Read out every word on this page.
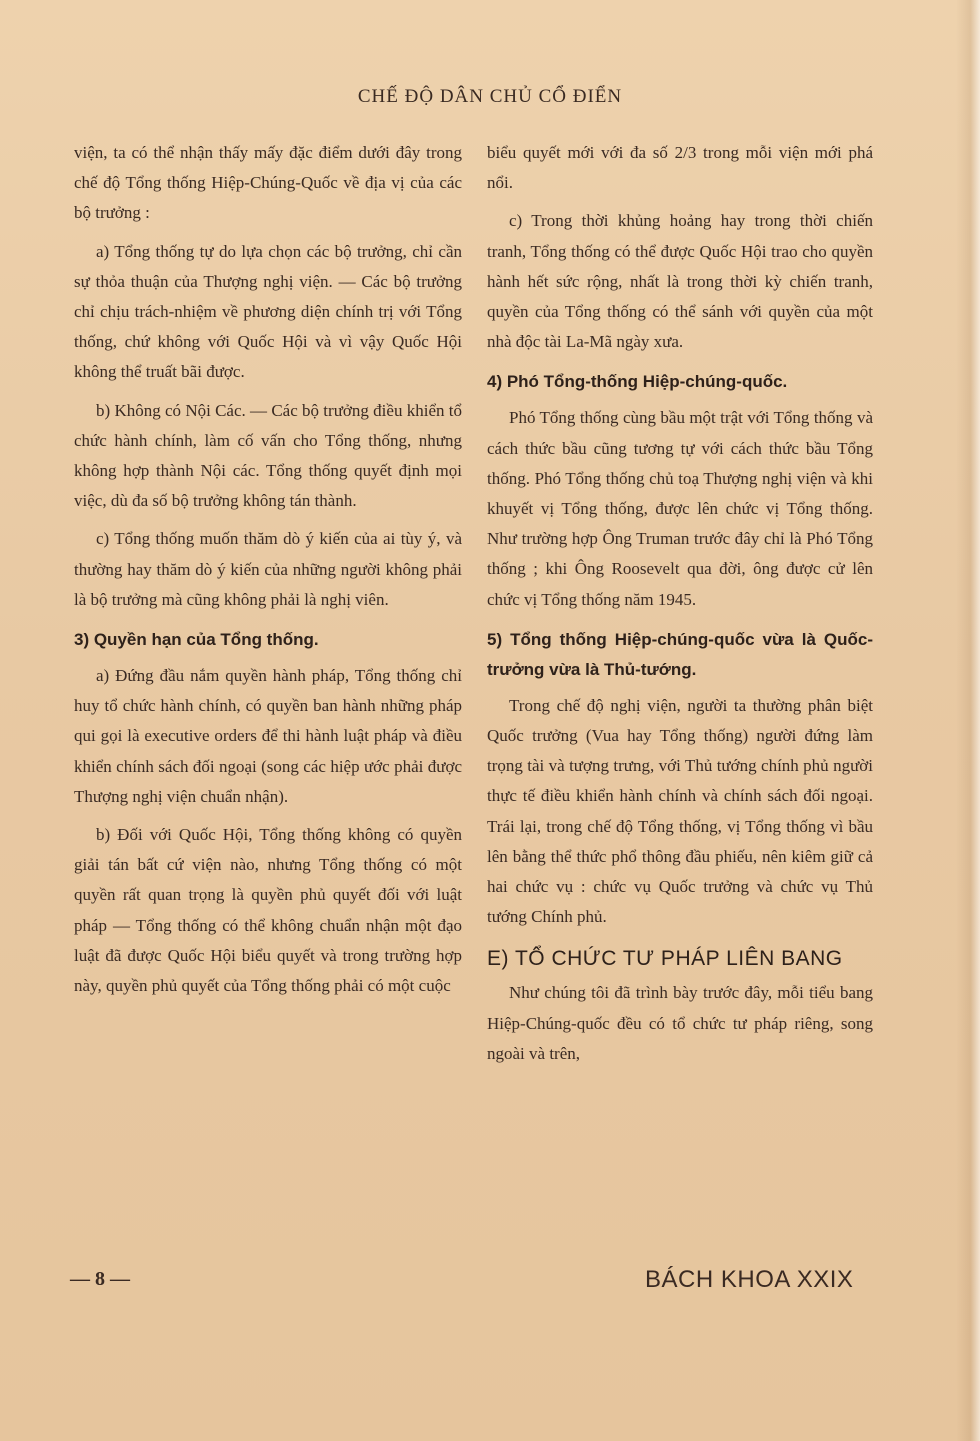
CHẾ ĐỘ DÂN CHỦ CỔ ĐIỂN

viện, ta có thể nhận thấy mấy đặc điểm dưới đây trong chế độ Tổng thống Hiệp-Chúng-Quốc về địa vị của các bộ trưởng :

a) Tổng thống tự do lựa chọn các bộ trưởng, chỉ cần sự thỏa thuận của Thượng nghị viện. — Các bộ trưởng chỉ chịu trách-nhiệm về phương diện chính trị với Tổng thống, chứ không với Quốc Hội và vì vậy Quốc Hội không thể truất bãi được.

b) Không có Nội Các. — Các bộ trưởng điều khiển tổ chức hành chính, làm cố vấn cho Tổng thống, nhưng không hợp thành Nội các. Tổng thống quyết định mọi việc, dù đa số bộ trưởng không tán thành.

c) Tổng thống muốn thăm dò ý kiến của ai tùy ý, và thường hay thăm dò ý kiến của những người không phải là bộ trưởng mà cũng không phải là nghị viên.

3) Quyền hạn của Tổng thống.

a) Đứng đầu nắm quyền hành pháp, Tổng thống chỉ huy tổ chức hành chính, có quyền ban hành những pháp qui gọi là executive orders để thi hành luật pháp và điều khiển chính sách đối ngoại (song các hiệp ước phải được Thượng nghị viện chuẩn nhận).

b) Đối với Quốc Hội, Tổng thống không có quyền giải tán bất cứ viện nào, nhưng Tổng thống có một quyền rất quan trọng là quyền phủ quyết đối với luật pháp — Tổng thống có thể không chuẩn nhận một đạo luật đã được Quốc Hội biểu quyết và trong trường hợp này, quyền phủ quyết của Tổng thống phải có một cuộc

biểu quyết mới với đa số 2/3 trong mỗi viện mới phá nổi.

c) Trong thời khủng hoảng hay trong thời chiến tranh, Tổng thống có thể được Quốc Hội trao cho quyền hành hết sức rộng, nhất là trong thời kỳ chiến tranh, quyền của Tổng thống có thể sánh với quyền của một nhà độc tài La-Mã ngày xưa.

4) Phó Tổng-thống Hiệp-chúng-quốc.

Phó Tổng thống cùng bầu một trật với Tổng thống và cách thức bầu cũng tương tự với cách thức bầu Tổng thống. Phó Tổng thống chủ toạ Thượng nghị viện và khi khuyết vị Tổng thống, được lên chức vị Tổng thống. Như trường hợp Ông Truman trước đây chỉ là Phó Tổng thống ; khi Ông Roosevelt qua đời, ông được cử lên chức vị Tổng thống năm 1945.

5) Tổng thống Hiệp-chúng-quốc vừa là Quốc-trưởng vừa là Thủ-tướng.

Trong chế độ nghị viện, người ta thường phân biệt Quốc trưởng (Vua hay Tổng thống) người đứng làm trọng tài và tượng trưng, với Thủ tướng chính phủ người thực tế điều khiển hành chính và chính sách đối ngoại. Trái lại, trong chế độ Tổng thống, vị Tổng thống vì bầu lên bằng thể thức phổ thông đầu phiếu, nên kiêm giữ cả hai chức vụ : chức vụ Quốc trưởng và chức vụ Thủ tướng Chính phủ.

E) TỔ CHỨC TƯ PHÁP LIÊN BANG

Như chúng tôi đã trình bày trước đây, mỗi tiểu bang Hiệp-Chúng-quốc đều có tổ chức tư pháp riêng, song ngoài và trên,

— 8 —	BÁCH KHOA XXIX
